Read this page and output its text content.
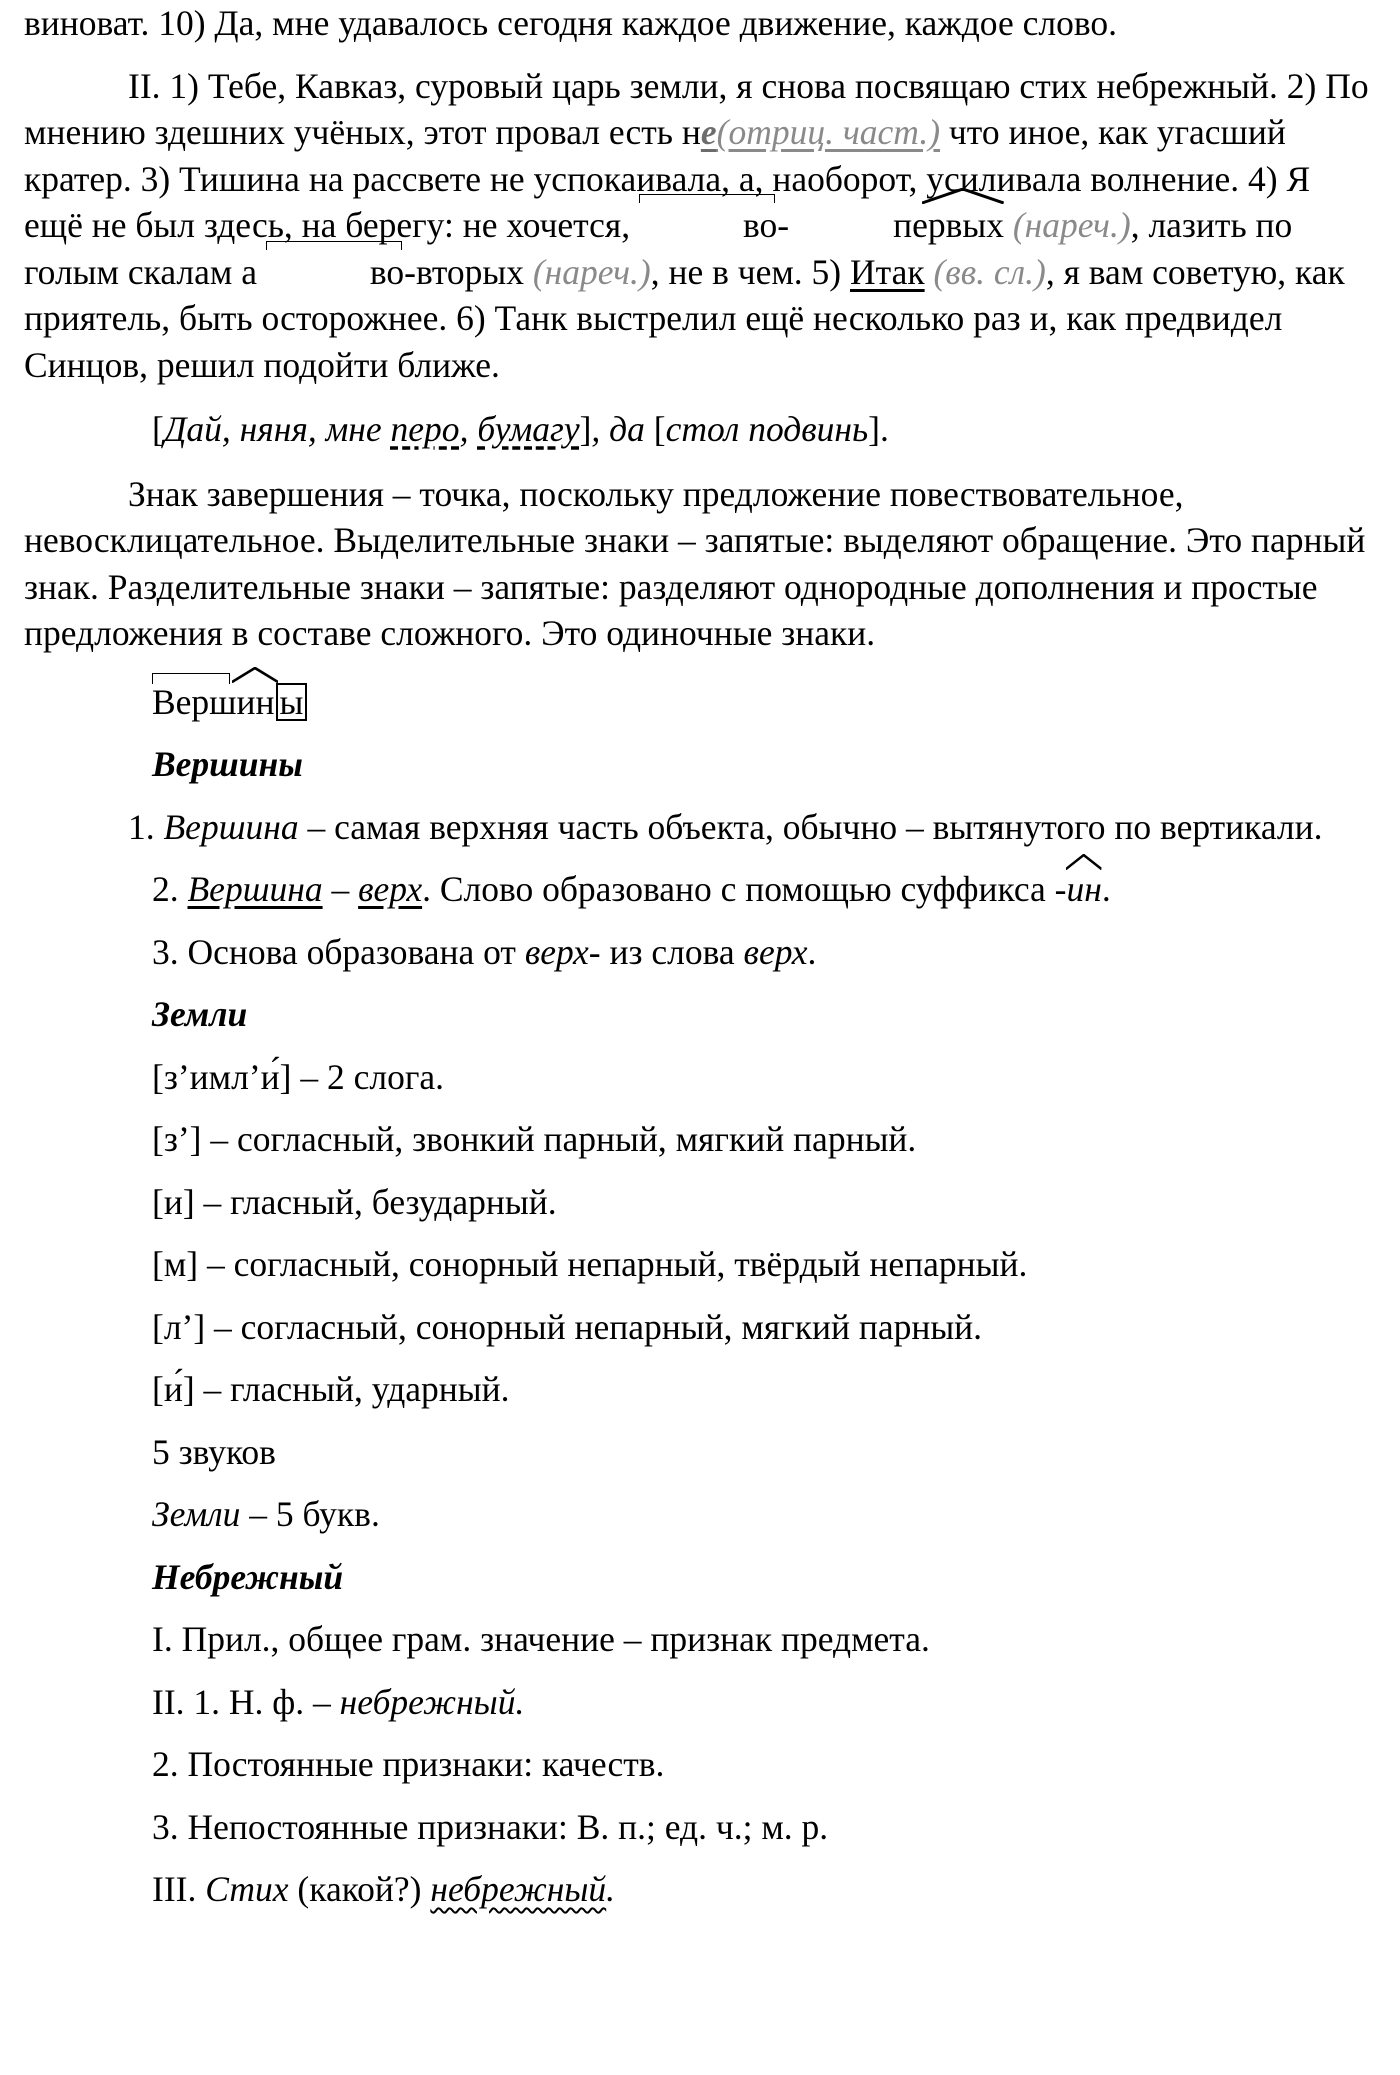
виноват. 10) Да, мне удавалось сегодня каждое движение, каждое слово.

II. 1) Тебе, Кавказ, суровый царь земли, я снова посвящаю стих небрежный. 2) По мнению здешних учёных, этот провал есть не(отриц. част.) что иное, как угасший кратер. 3) Тишина на рассвете не успокаивала, а, наоборот, усиливала волнение. 4) Я ещё не был здесь, на берегу: не хочется,	во-	первых (нареч.), лазить по голым скалам а	во-вторых (нареч.), не в чем. 5) Итак (вв. сл.), я вам советую, как приятель, быть осторожнее. 6) Танк выстрелил ещё несколько раз и, как предвидел Синцов, решил подойти ближе.

[Дай, няня, мне перо, бумагу], да [стол подвинь].

Знак завершения – точка, поскольку предложение повествовательное, невосклицательное. Выделительные знаки – запятые: выделяют обращение. Это парный знак. Разделительные знаки – запятые: разделяют однородные дополнения и простые предложения в составе сложного. Это одиночные знаки.

Вершин ы

Вершины

1. Вершина – самая верхняя часть объекта, обычно – вытянутого по вертикали.

2. Вершина – верх. Слово образовано с помощью суффикса -
ин.

3. Основа образована от верх- из слова верх.

Земли

[з’имл’и́] – 2 слога.

[з’] – согласный, звонкий парный, мягкий парный.

[и] – гласный, безударный.

[м] – согласный, сонорный непарный, твёрдый непарный.

[л’] – согласный, сонорный непарный, мягкий парный.

[и́] – гласный, ударный.

5 звуков

Земли – 5 букв.

Небрежный

I. Прил., общее грам. значение – признак предмета.

II. 1. Н. ф. – небрежный.

2. Постоянные признаки: качеств.

3. Непостоянные признаки: В. п.; ед. ч.; м. р.

III. Стих (какой?) небрежный.
